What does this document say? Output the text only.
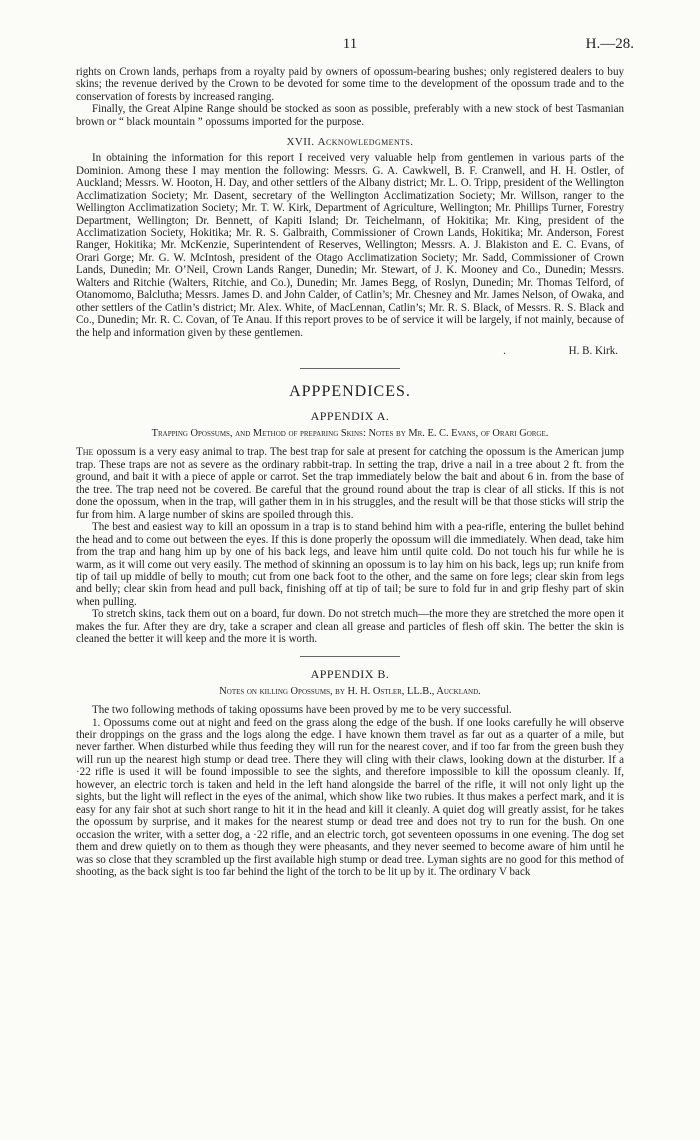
11	H.—28.

rights on Crown lands, perhaps from a royalty paid by owners of opossum-bearing bushes; only registered dealers to buy skins; the revenue derived by the Crown to be devoted for some time to the development of the opossum trade and to the conservation of forests by increased ranging.

Finally, the Great Alpine Range should be stocked as soon as possible, preferably with a new stock of best Tasmanian brown or “ black mountain ” opossums imported for the purpose.

XVII. Acknowledgments.

In obtaining the information for this report I received very valuable help from gentlemen in various parts of the Dominion. Among these I may mention the following: Messrs. G. A. Cawkwell, B. F. Cranwell, and H. H. Ostler, of Auckland; Messrs. W. Hooton, H. Day, and other settlers of the Albany district; Mr. L. O. Tripp, president of the Wellington Acclimatization Society; Mr. Dasent, secretary of the Wellington Acclimatization Society; Mr. Willson, ranger to the Wellington Acclimatization Society; Mr. T. W. Kirk, Department of Agriculture, Wellington; Mr. Phillips Turner, Forestry Department, Wellington; Dr. Bennett, of Kapiti Island; Dr. Teichelmann, of Hokitika; Mr. King, president of the Acclimatization Society, Hokitika; Mr. R. S. Galbraith, Commissioner of Crown Lands, Hokitika; Mr. Anderson, Forest Ranger, Hokitika; Mr. McKenzie, Superintendent of Reserves, Wellington; Messrs. A. J. Blakiston and E. C. Evans, of Orari Gorge; Mr. G. W. McIntosh, president of the Otago Acclimatization Society; Mr. Sadd, Commissioner of Crown Lands, Dunedin; Mr. O’Neil, Crown Lands Ranger, Dunedin; Mr. Stewart, of J. K. Mooney and Co., Dunedin; Messrs. Walters and Ritchie (Walters, Ritchie, and Co.), Dunedin; Mr. James Begg, of Roslyn, Dunedin; Mr. Thomas Telford, of Otanomomo, Balclutha; Messrs. James D. and John Calder, of Catlin’s; Mr. Chesney and Mr. James Nelson, of Owaka, and other settlers of the Catlin’s district; Mr. Alex. White, of MacLennan, Catlin’s; Mr. R. S. Black, of Messrs. R. S. Black and Co., Dunedin; Mr. R. C. Covan, of Te Anau. If this report proves to be of service it will be largely, if not mainly, because of the help and information given by these gentlemen.

.	H. B. Kirk.
APPPENDICES.
APPENDIX A.
Trapping Opossums, and Method of preparing Skins: Notes by Mr. E. C. Evans, of Orari Gorge.

The opossum is a very easy animal to trap. The best trap for sale at present for catching the opossum is the American jump trap. These traps are not as severe as the ordinary rabbit-trap. In setting the trap, drive a nail in a tree about 2 ft. from the ground, and bait it with a piece of apple or carrot. Set the trap immediately below the bait and about 6 in. from the base of the tree. The trap need not be covered. Be careful that the ground round about the trap is clear of all sticks. If this is not done the opossum, when in the trap, will gather them in in his struggles, and the result will be that those sticks will strip the fur from him. A large number of skins are spoiled through this.

The best and easiest way to kill an opossum in a trap is to stand behind him with a pea-rifle, entering the bullet behind the head and to come out between the eyes. If this is done properly the opossum will die immediately. When dead, take him from the trap and hang him up by one of his back legs, and leave him until quite cold. Do not touch his fur while he is warm, as it will come out very easily. The method of skinning an opossum is to lay him on his back, legs up; run knife from tip of tail up middle of belly to mouth; cut from one back foot to the other, and the same on fore legs; clear skin from legs and belly; clear skin from head and pull back, finishing off at tip of tail; be sure to fold fur in and grip fleshy part of skin when pulling.

To stretch skins, tack them out on a board, fur down. Do not stretch much—the more they are stretched the more open it makes the fur. After they are dry, take a scraper and clean all grease and particles of flesh off skin. The better the skin is cleaned the better it will keep and the more it is worth.

APPENDIX B.
Notes on killing Opossums, by H. H. Ostler, LL.B., Auckland.

The two following methods of taking opossums have been proved by me to be very successful.

1. Opossums come out at night and feed on the grass along the edge of the bush. If one looks carefully he will observe their droppings on the grass and the logs along the edge. I have known them travel as far out as a quarter of a mile, but never farther. When disturbed while thus feeding they will run for the nearest cover, and if too far from the green bush they will run up the nearest high stump or dead tree. There they will cling with their claws, looking down at the disturber. If a ·22 rifle is used it will be found impossible to see the sights, and therefore impossible to kill the opossum cleanly. If, however, an electric torch is taken and held in the left hand alongside the barrel of the rifle, it will not only light up the sights, but the light will reflect in the eyes of the animal, which show like two rubies. It thus makes a perfect mark, and it is easy for any fair shot at such short range to hit it in the head and kill it cleanly. A quiet dog will greatly assist, for he takes the opossum by surprise, and it makes for the nearest stump or dead tree and does not try to run for the bush. On one occasion the writer, with a setter dog, a ·22 rifle, and an electric torch, got seventeen opossums in one evening. The dog set them and drew quietly on to them as though they were pheasants, and they never seemed to become aware of him until he was so close that they scrambled up the first available high stump or dead tree. Lyman sights are no good for this method of shooting, as the back sight is too far behind the light of the torch to be lit up by it. The ordinary V back
